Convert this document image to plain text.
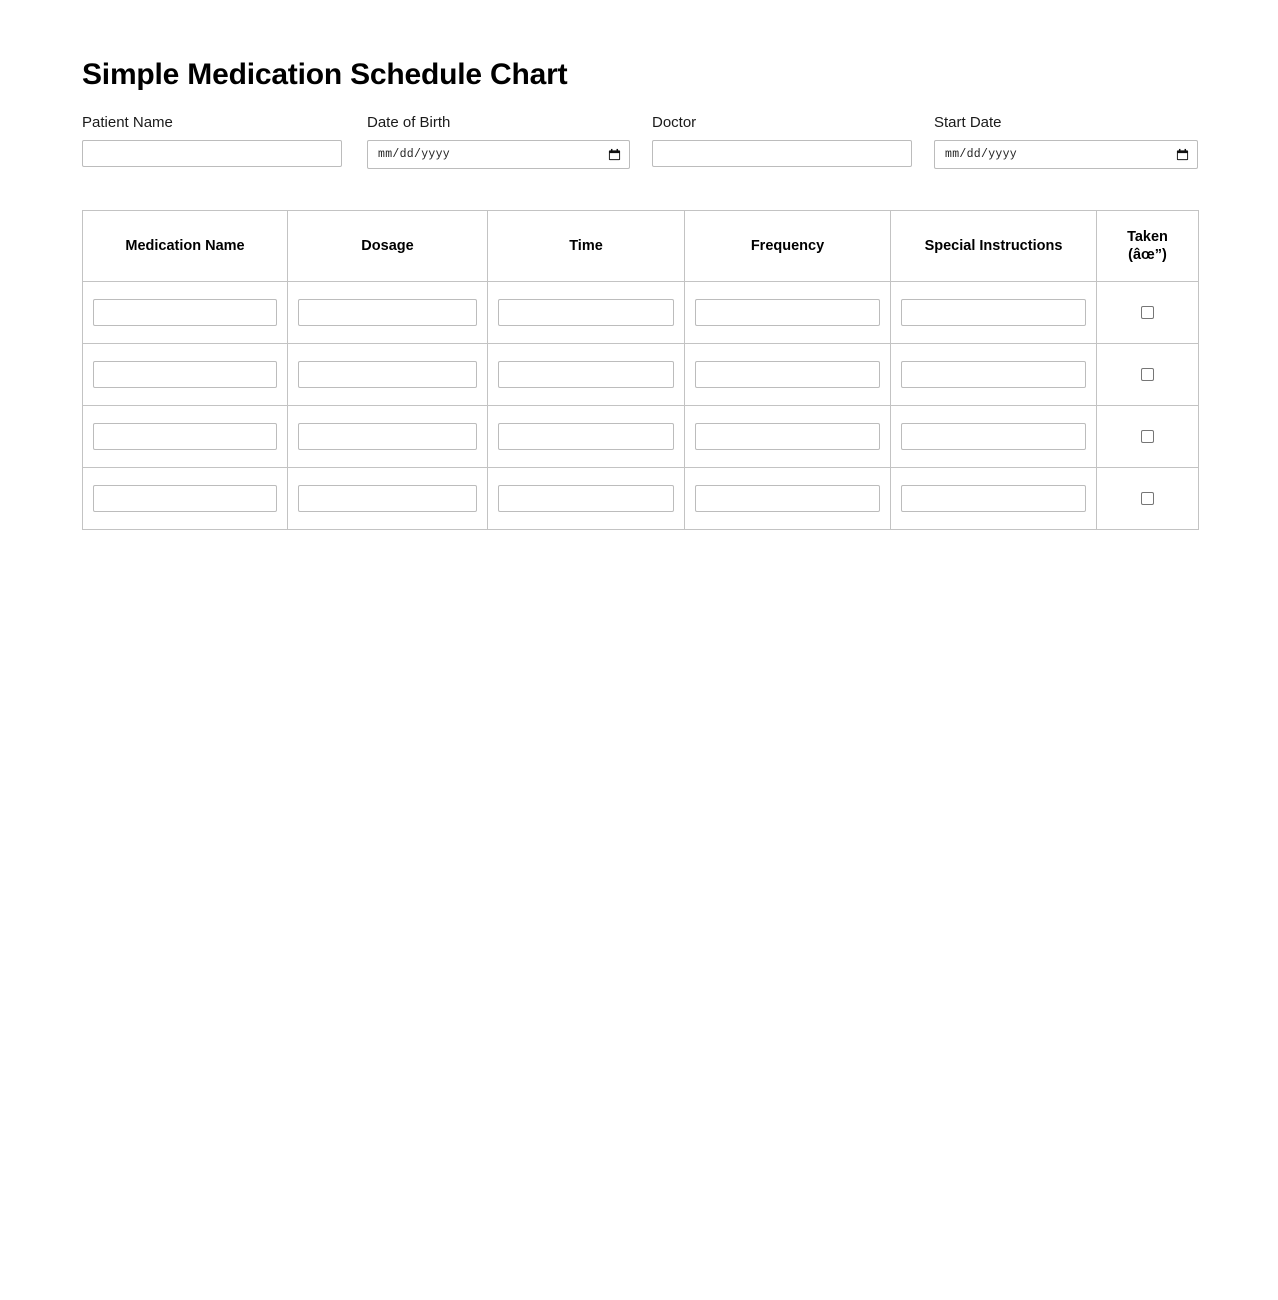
Simple Medication Schedule Chart
Patient Name	Date of Birth
mm/dd/yyyy
Doctor	Start Date
mm/dd/yyyy
Medication Name	Dosage	Time	Frequency	Special Instructions	Taken
(âœ”)
